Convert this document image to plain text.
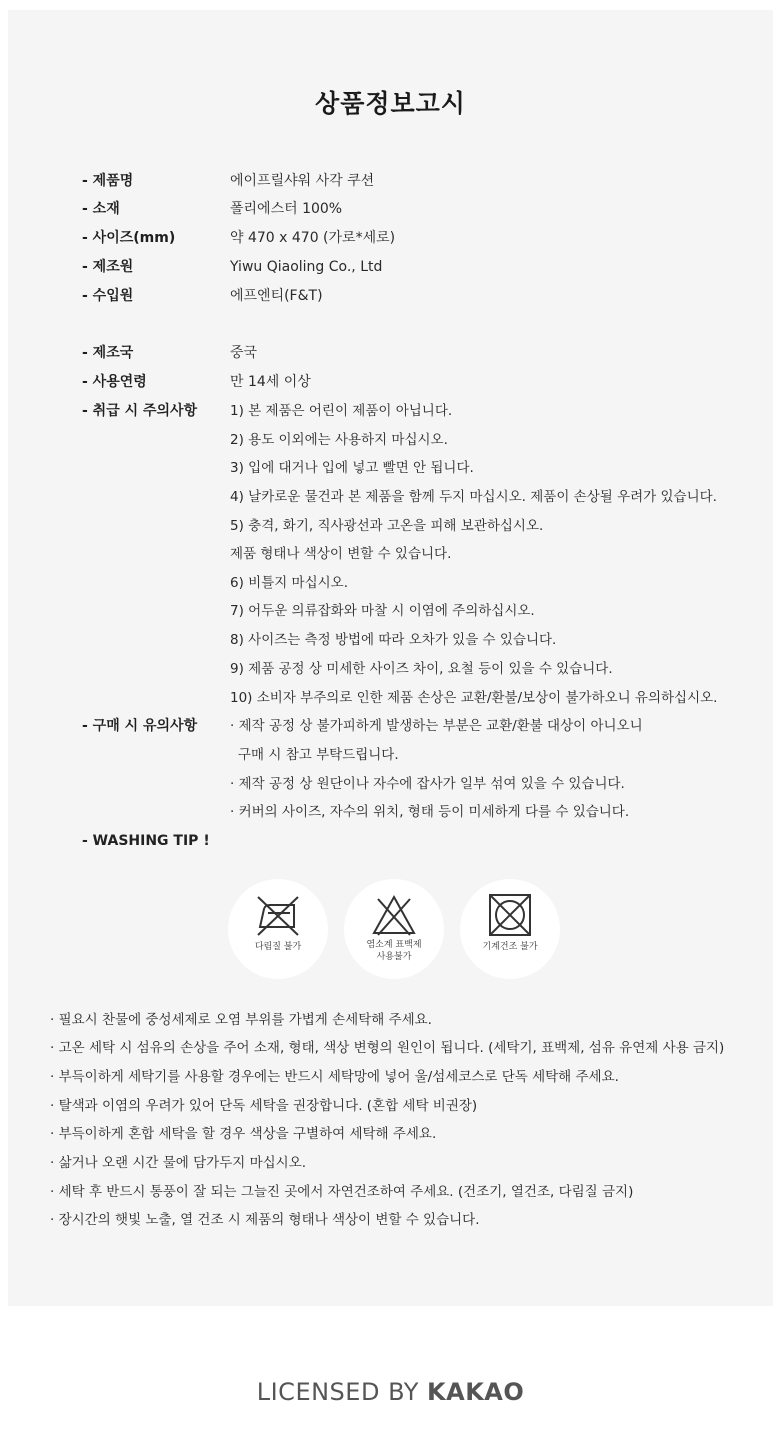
상품정보고시
- 제품명	에이프릴샤워 사각 쿠션
- 소재	폴리에스터 100%
- 사이즈(mm)	약 470 x 470 (가로*세로)
- 제조원	Yiwu Qiaoling Co., Ltd
- 수입원	에프엔티(F&T)
- 제조국	중국
- 사용연령	만 14세 이상
- 취급 시 주의사항 1) 본 제품은 어린이 제품이 아닙니다.
2) 용도 이외에는 사용하지 마십시오.
3) 입에 대거나 입에 넣고 빨면 안 됩니다.
4) 날카로운 물건과 본 제품을 함께 두지 마십시오. 제품이 손상될 우려가 있습니다.
5) 충격, 화기, 직사광선과 고온을 피해 보관하십시오.
제품 형태나 색상이 변할 수 있습니다.
6) 비틀지 마십시오.
7) 어두운 의류잡화와 마찰 시 이염에 주의하십시오.
8) 사이즈는 측정 방법에 따라 오차가 있을 수 있습니다.
9) 제품 공정 상 미세한 사이즈 차이, 요철 등이 있을 수 있습니다.
10) 소비자 부주의로 인한 제품 손상은 교환/환불/보상이 불가하오니 유의하십시오.
- 구매 시 유의사항 · 제작 공정 상 불가피하게 발생하는 부분은 교환/환불 대상이 아니오니
구매 시 참고 부탁드립니다.
· 제작 공정 상 원단이나 자수에 잡사가 일부 섞여 있을 수 있습니다.
· 커버의 사이즈, 자수의 위치, 형태 등이 미세하게 다를 수 있습니다.
- WASHING TIP !
다림질 불가	염소계 표백제
사용불가
기계건조 불가
· 필요시 찬물에 중성세제로 오염 부위를 가볍게 손세탁해 주세요.
· 고온 세탁 시 섬유의 손상을 주어 소재, 형태, 색상 변형의 원인이 됩니다. (세탁기, 표백제, 섬유 유연제 사용 금지)
· 부득이하게 세탁기를 사용할 경우에는 반드시 세탁망에 넣어 울/섬세코스로 단독 세탁해 주세요.
· 탈색과 이염의 우려가 있어 단독 세탁을 권장합니다. (혼합 세탁 비권장)
· 부득이하게 혼합 세탁을 할 경우 색상을 구별하여 세탁해 주세요.
· 삶거나 오랜 시간 물에 담가두지 마십시오.
· 세탁 후 반드시 통풍이 잘 되는 그늘진 곳에서 자연건조하여 주세요. (건조기, 열건조, 다림질 금지)
· 장시간의 햇빛 노출, 열 건조 시 제품의 형태나 색상이 변할 수 있습니다.
LICENSED BY KAKAO
